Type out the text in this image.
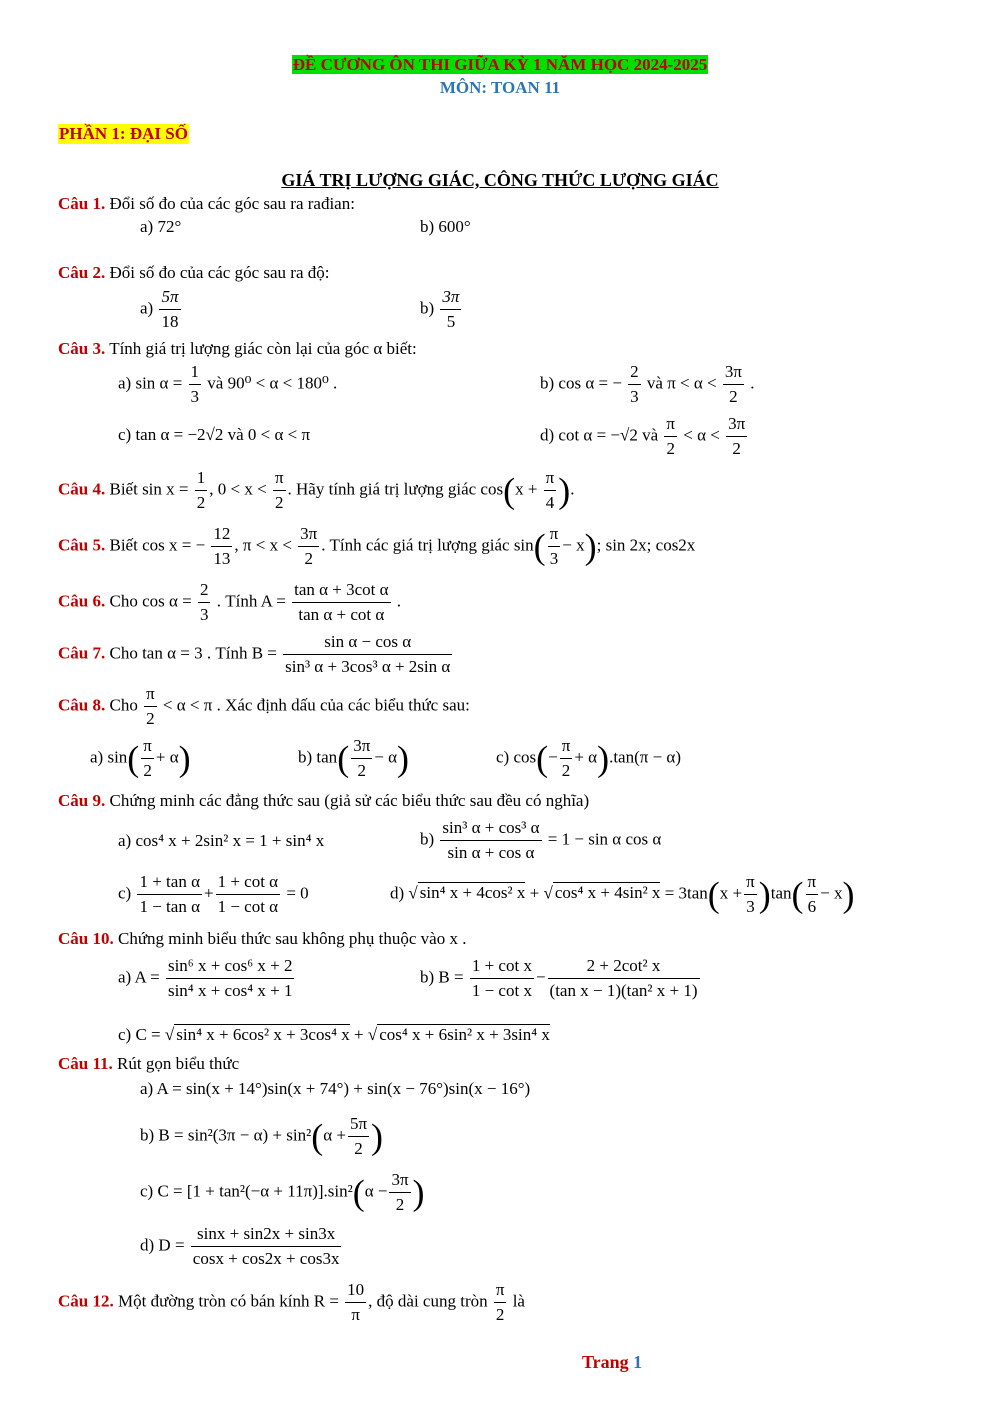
ĐỀ CƯƠNG ÔN THI GIỮA KỲ 1 NĂM HỌC 2024-2025
MÔN: TOAN 11
PHẦN 1: ĐẠI SỐ
GIÁ TRỊ LƯỢNG GIÁC, CÔNG THỨC LƯỢNG GIÁC
Câu 1. Đổi số đo của các góc sau ra rađian:
a) 72°	b) 600°
Câu 2. Đổi số đo của các góc sau ra độ:
$a) \frac{5\pi}{18}$	$b) \frac{3\pi}{5}$
Câu 3. Tính giá trị lượng giác còn lại của góc α biết:
a) $\sin \alpha = \frac{1}{3}$ và 90⁰ < α < 180⁰ .	b) cos α = − $\frac{2}{3}$ và $\pi < \alpha < \frac{3\pi}{2}$ .
c) tan α = −2√2 và 0 < α < π	d) cot α = −√2 và $\frac{\pi}{2} < \alpha < \frac{3\pi}{2}$
Câu 4. Biết $\sin x = \frac{1}{2}$ , $0 < x < \frac{\pi}{2}$ . Hãy tính giá trị lượng giác $\cos(x + \frac{\pi}{4}$ ).
Câu 5. Biết cos x = − $\frac{12}{13}$ , $\pi < x < \frac{3\pi}{2}$ . Tính các giá trị lượng giác $\sin( \frac{\pi}{3} - x)$; sin 2x; cos2x
Câu 6. Cho $\cos \alpha = \frac{2}{3}$ . Tính $A = \frac{\text{tan α + 3cot α}}{\text{tan α + cot α}}$ .
Câu 7. Cho tan α = 3 . Tính $B = \frac{\text{sin α − cos α}}{\text{sin³ α + 3cos³ α + 2sin α}}$
Câu 8. Cho $\frac{\pi}{2} < \alpha < \pi$ . Xác định dấu của các biểu thức sau:
a) $\sin( \frac{\pi}{2} + \alpha)$	b) $\tan( \frac{3\pi}{2} - \alpha)$	c) $\cos(- \frac{\pi}{2} + \alpha).\tan(\pi - \alpha)$
Câu 9. Chứng minh các đẳng thức sau (giả sử các biểu thức sau đều có nghĩa)
a) cos⁴ x + 2sin² x = 1 + sin⁴ x	$b) \frac{\text{sin³ α + cos³ α}}{\text{sin α + cos α}} = 1 - \sin \alpha$ cos α
$c) \frac{\text{1 + tan α}}{\text{1 − tan α}} + \frac{\text{1 + cot α}}{\text{1 − cot α}} = 0$	d) √ sin⁴ x + 4cos² x + √ cos⁴ x + 4sin² $x = 3\tan(x + \frac{\pi}{3} )\tan( \frac{\pi}{6} - x)$
Câu 10. Chứng minh biểu thức sau không phụ thuộc vào x .
a) $A = \frac{\text{sin⁶ x + cos⁶ x + 2}}{\text{sin⁴ x + cos⁴ x + 1}}$	b) $B = \frac{\text{1 + cot x}}{\text{1 − cot x}} - \frac{\text{2 + 2cot² x}}{\text{(tan x − 1)(tan² x + 1)}}$
c) C = √ sin⁴ x + 6cos² x + 3cos⁴ x + √ cos⁴ x + 6sin² x + 3sin⁴ x
Câu 11. Rút gọn biểu thức
a) A = sin(x + 14°)sin(x + 74°) + sin(x − 76°)sin(x − 16°)
b) $B = \sin^2(3\pi - \alpha) + \sin^2(\alpha + \frac{5\pi}{2}$ )
c) $C = [1 + \tan^2(-\alpha + 11\pi)].\sin^2(\alpha - \frac{3\pi}{2}$ )
d) $D = \frac{\sin x + \sin 2x + \sin 3x}{\cos x + \cos 2x + \cos 3x}$
Câu 12. Một đường tròn có bán kính $R = \frac{10}{\pi}$ , độ dài cung tròn $\frac{\pi}{2}$ là
Trang 1
